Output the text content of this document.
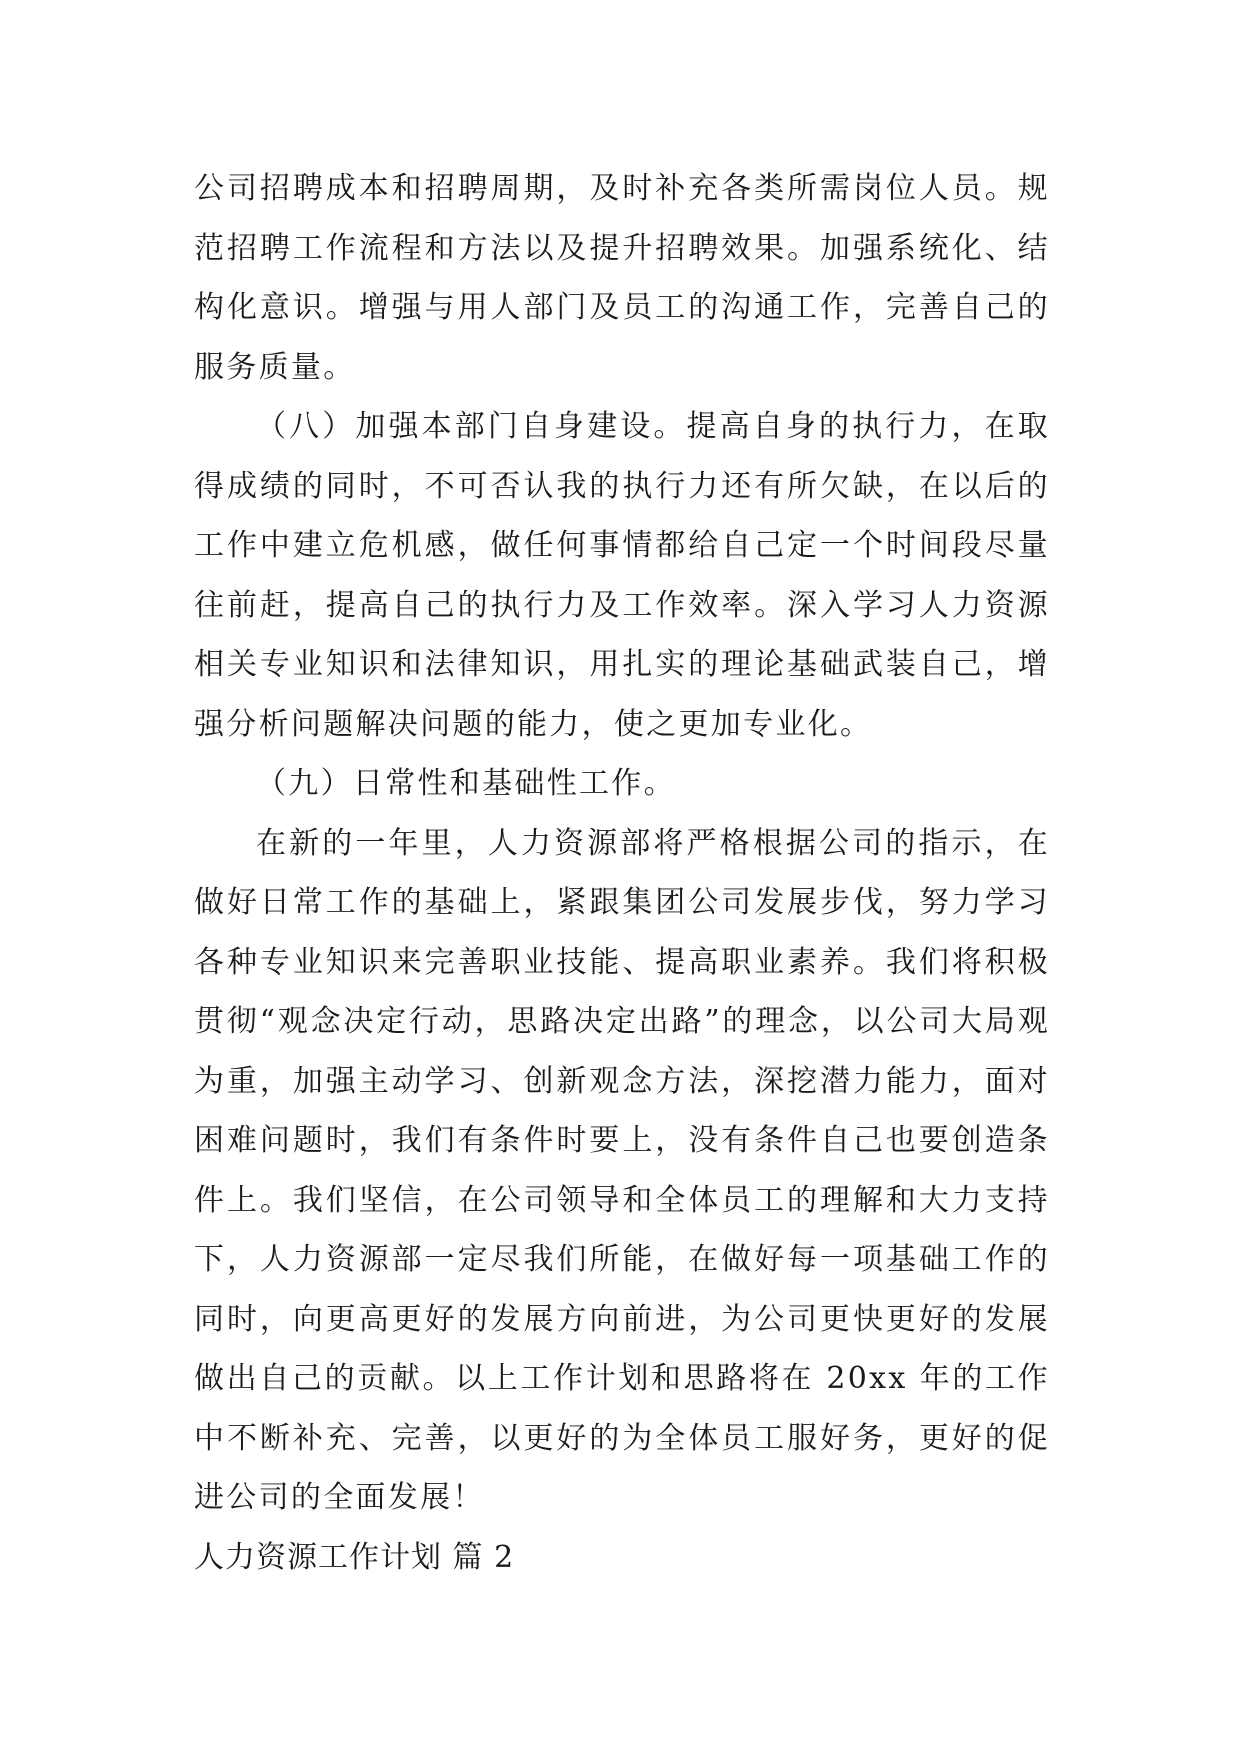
公司招聘成本和招聘周期，及时补充各类所需岗位人员。规范招聘工作流程和方法以及提升招聘效果。加强系统化、结构化意识。增强与用人部门及员工的沟通工作，完善自己的服务质量。

（八）加强本部门自身建设。提高自身的执行力，在取得成绩的同时，不可否认我的执行力还有所欠缺，在以后的工作中建立危机感，做任何事情都给自己定一个时间段尽量往前赶，提高自己的执行力及工作效率。深入学习人力资源相关专业知识和法律知识，用扎实的理论基础武装自己，增强分析问题解决问题的能力，使之更加专业化。

（九）日常性和基础性工作。

在新的一年里，人力资源部将严格根据公司的指示，在做好日常工作的基础上，紧跟集团公司发展步伐，努力学习各种专业知识来完善职业技能、提高职业素养。我们将积极贯彻“观念决定行动，思路决定出路”的理念，以公司大局观为重，加强主动学习、创新观念方法，深挖潜力能力，面对困难问题时，我们有条件时要上，没有条件自己也要创造条件上。我们坚信，在公司领导和全体员工的理解和大力支持下，人力资源部一定尽我们所能，在做好每一项基础工作的同时，向更高更好的发展方向前进，为公司更快更好的发展做出自己的贡献。以上工作计划和思路将在 20xx 年的工作中不断补充、完善，以更好的为全体员工服好务，更好的促进公司的全面发展！

人力资源工作计划 篇 2
